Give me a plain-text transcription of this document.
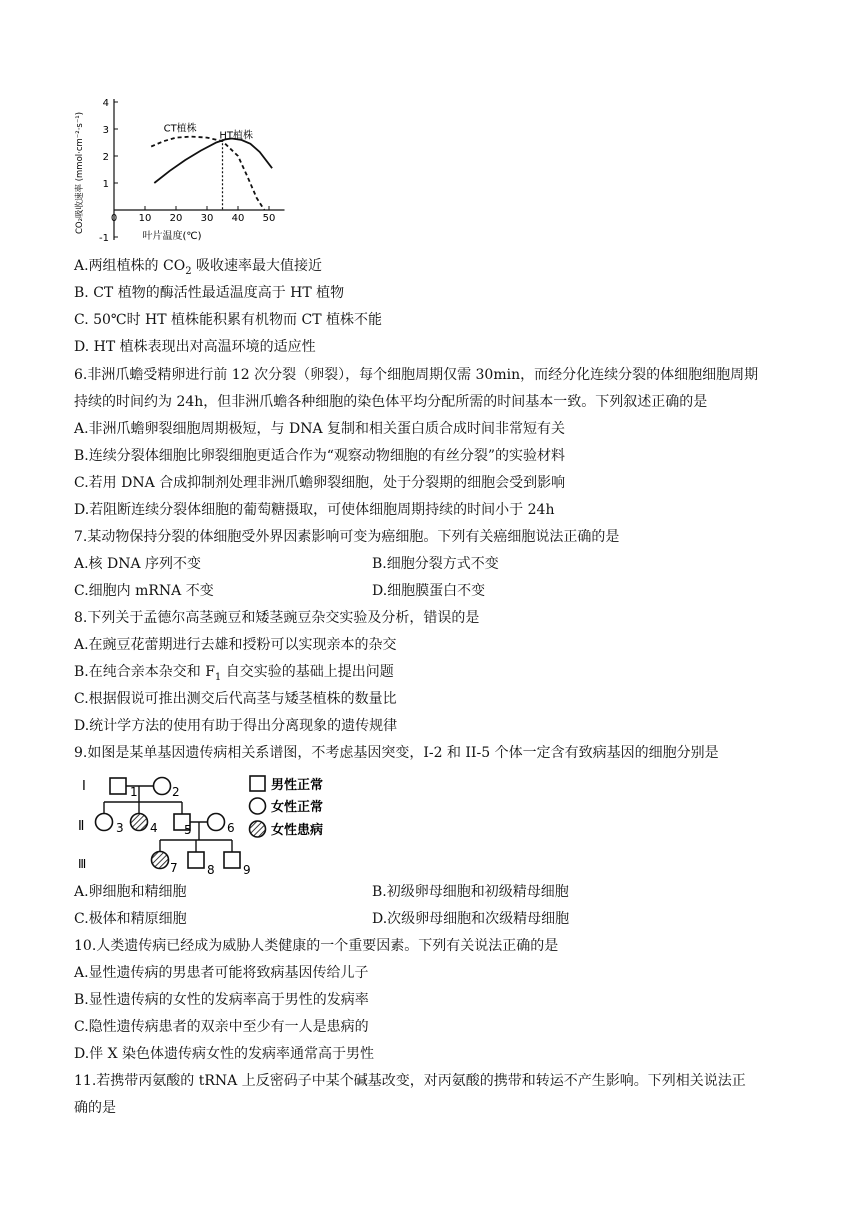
CO₂吸收速率 (mmol·cm⁻²·s⁻¹)	0 10 20 30 40 50
-1
1
2
3
4
CT植株
HT植株
叶片温度(℃)
A.两组植株的 $CO_2$ 吸收速率最大值接近
B. CT 植物的酶活性最适温度高于 HT 植物
C. 50℃时 HT 植株能积累有机物而 CT 植株不能
D. HT 植株表现出对高温环境的适应性
6.非洲爪蟾受精卵进行前 12 次分裂（卵裂），每个细胞周期仅需 30min，而经分化连续分裂的体细胞细胞周期
持续的时间约为 24h，但非洲爪蟾各种细胞的染色体平均分配所需的时间基本一致。下列叙述正确的是
A.非洲爪蟾卵裂细胞周期极短，与 DNA 复制和相关蛋白质合成时间非常短有关
B.连续分裂体细胞比卵裂细胞更适合作为“观察动物细胞的有丝分裂”的实验材料
C.若用 DNA 合成抑制剂处理非洲爪蟾卵裂细胞，处于分裂期的细胞会受到影响
D.若阻断连续分裂体细胞的葡萄糖摄取，可使体细胞周期持续的时间小于 24h
7.某动物保持分裂的体细胞受外界因素影响可变为癌细胞。下列有关癌细胞说法正确的是
A.核 DNA 序列不变	B.细胞分裂方式不变
C.细胞内 mRNA 不变	D.细胞膜蛋白不变
8.下列关于孟德尔高茎豌豆和矮茎豌豆杂交实验及分析，错误的是
A.在豌豆花蕾期进行去雄和授粉可以实现亲本的杂交
B.在纯合亲本杂交和 $F_1$ 自交实验的基础上提出问题
C.根据假说可推出测交后代高茎与矮茎植株的数量比
D.统计学方法的使用有助于得出分离现象的遗传规律
9.如图是某单基因遗传病相关系谱图，不考虑基因突变，I-2 和 II-5 个体一定含有致病基因的细胞分别是
I
Ⅱ
Ⅲ
1	2
3 4 5	6
7 8 9
男性正常
女性正常
女性患病
A.卵细胞和精细胞	B.初级卵母细胞和初级精母细胞
C.极体和精原细胞	D.次级卵母细胞和次级精母细胞
10.人类遗传病已经成为威胁人类健康的一个重要因素。下列有关说法正确的是
A.显性遗传病的男患者可能将致病基因传给儿子
B.显性遗传病的女性的发病率高于男性的发病率
C.隐性遗传病患者的双亲中至少有一人是患病的
D.伴 X 染色体遗传病女性的发病率通常高于男性
11.若携带丙氨酸的 tRNA 上反密码子中某个碱基改变，对丙氨酸的携带和转运不产生影响。下列相关说法正
确的是
